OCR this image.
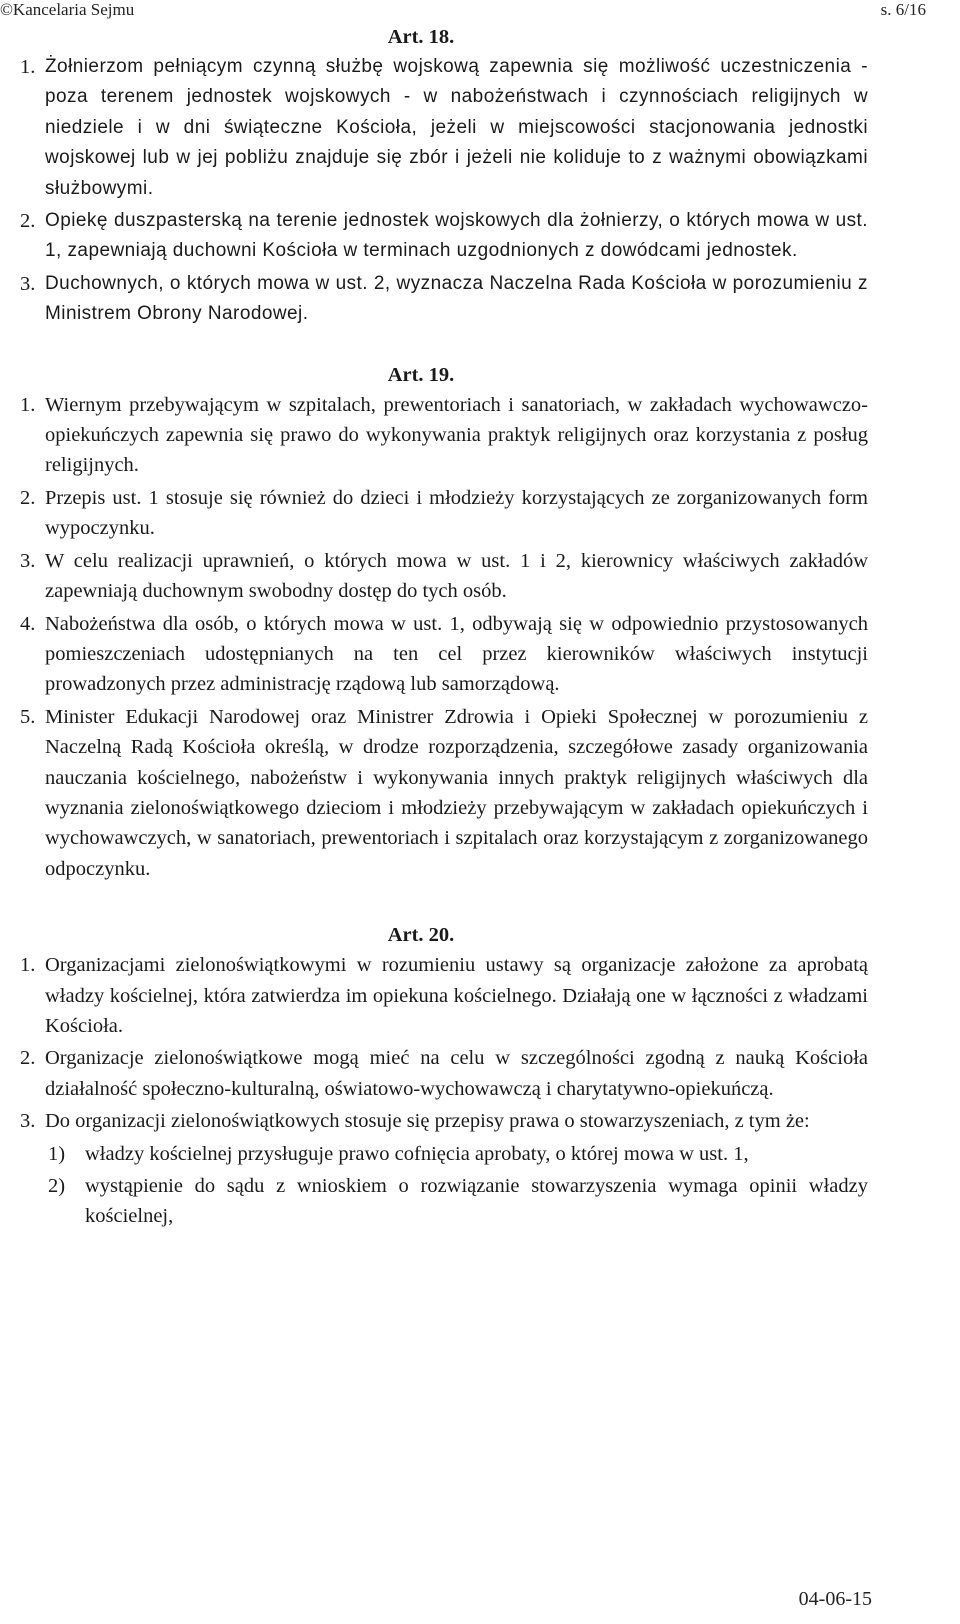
©Kancelaria Sejmu	s. 6/16
Art. 18.
1. Żołnierzom pełniącym czynną służbę wojskową zapewnia się możliwość uczestniczenia - poza terenem jednostek wojskowych - w nabożeństwach i czynnościach religijnych w niedziele i w dni świąteczne Kościoła, jeżeli w miejscowości stacjonowania jednostki wojskowej lub w jej pobliżu znajduje się zbór i jeżeli nie koliduje to z ważnymi obowiązkami służbowymi.
2. Opiekę duszpasterską na terenie jednostek wojskowych dla żołnierzy, o których mowa w ust. 1, zapewniają duchowni Kościoła w terminach uzgodnionych z dowódcami jednostek.
3. Duchownych, o których mowa w ust. 2, wyznacza Naczelna Rada Kościoła w porozumieniu z Ministrem Obrony Narodowej.
Art. 19.
1. Wiernym przebywającym w szpitalach, prewentoriach i sanatoriach, w zakładach wychowawczo-opiekuńczych zapewnia się prawo do wykonywania praktyk religijnych oraz korzystania z posług religijnych.
2. Przepis ust. 1 stosuje się również do dzieci i młodzieży korzystających ze zorganizowanych form wypoczynku.
3. W celu realizacji uprawnień, o których mowa w ust. 1 i 2, kierownicy właściwych zakładów zapewniają duchownym swobodny dostęp do tych osób.
4. Nabożeństwa dla osób, o których mowa w ust. 1, odbywają się w odpowiednio przystosowanych pomieszczeniach udostępnianych na ten cel przez kierowników właściwych instytucji prowadzonych przez administrację rządową lub samorządową.
5. Minister Edukacji Narodowej oraz Ministrer Zdrowia i Opieki Społecznej w porozumieniu z Naczelną Radą Kościoła określą, w drodze rozporządzenia, szczegółowe zasady organizowania nauczania kościelnego, nabożeństw i wykonywania innych praktyk religijnych właściwych dla wyznania zielonoświątkowego dzieciom i młodzieży przebywającym w zakładach opiekuńczych i wychowawczych, w sanatoriach, prewentoriach i szpitalach oraz korzystającym z zorganizowanego odpoczynku.
Art. 20.
1. Organizacjami zielonoświątkowymi w rozumieniu ustawy są organizacje założone za aprobatą władzy kościelnej, która zatwierdza im opiekuna kościelnego. Działają one w łączności z władzami Kościoła.
2. Organizacje zielonoświątkowe mogą mieć na celu w szczególności zgodną z nauką Kościoła działalność społeczno-kulturalną, oświatowo-wychowawczą i charytatywno-opiekuńczą.
3. Do organizacji zielonoświątkowych stosuje się przepisy prawa o stowarzyszeniach, z tym że:
1) władzy kościelnej przysługuje prawo cofnięcia aprobaty, o której mowa w ust. 1,
2) wystąpienie do sądu z wnioskiem o rozwiązanie stowarzyszenia wymaga opinii władzy kościelnej,
04-06-15
